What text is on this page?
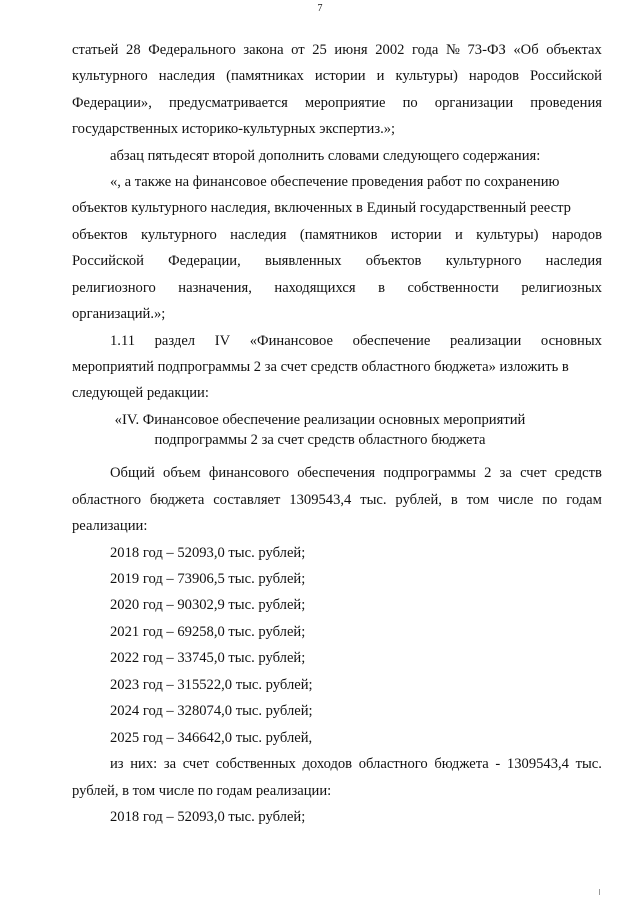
7
статьей 28 Федерального закона от 25 июня 2002 года № 73-ФЗ «Об объектах
культурного наследия (памятниках истории и культуры) народов Российской
Федерации», предусматривается мероприятие по организации проведения
государственных историко-культурных экспертиз.»;
абзац пятьдесят второй дополнить словами следующего содержания:
«, а также на финансовое обеспечение проведения работ по сохранению
объектов культурного наследия, включенных в Единый государственный реестр
объектов культурного наследия (памятников истории и культуры) народов
Российской Федерации, выявленных объектов культурного наследия
религиозного назначения, находящихся в собственности религиозных
организаций.»;
1.11 раздел IV «Финансовое обеспечение реализации основных
мероприятий подпрограммы 2 за счет средств областного бюджета» изложить в
следующей редакции:
«IV. Финансовое обеспечение реализации основных мероприятий
подпрограммы 2 за счет средств областного бюджета
Общий объем финансового обеспечения подпрограммы 2 за счет средств
областного бюджета составляет 1309543,4 тыс. рублей, в том числе по годам
реализации:
2018 год – 52093,0 тыс. рублей;
2019 год – 73906,5 тыс. рублей;
2020 год – 90302,9 тыс. рублей;
2021 год – 69258,0 тыс. рублей;
2022 год – 33745,0 тыс. рублей;
2023 год – 315522,0 тыс. рублей;
2024 год – 328074,0 тыс. рублей;
2025 год – 346642,0 тыс. рублей,
из них: за счет собственных доходов областного бюджета - 1309543,4 тыс.
рублей, в том числе по годам реализации:
2018 год – 52093,0 тыс. рублей;
